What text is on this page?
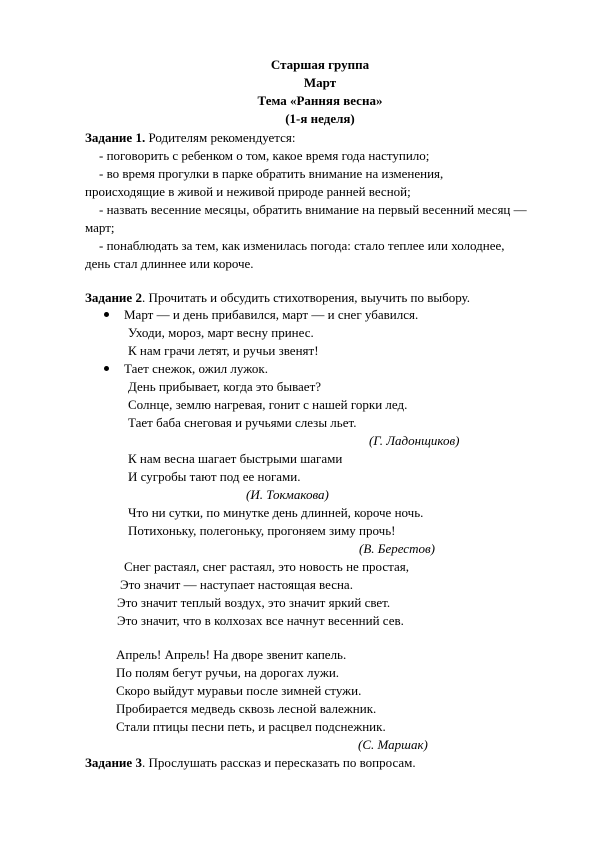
Старшая группа

Март

Тема «Ранняя весна»

(1-я неделя)

Задание 1. Родителям рекомендуется:

- поговорить с ребенком о том, какое время года наступило;

- во время прогулки в парке обратить внимание на изменения,

происходящие в живой и неживой природе ранней весной;

- назвать весенние месяцы, обратить внимание на первый весенний месяц —

март;

- понаблюдать за тем, как изменилась погода: стало теплее или холоднее,

день стал длиннее или короче.

Задание 2. Прочитать и обсудить стихотворения, выучить по выбору.

Март — и день прибавился, март — и снег убавился.

Уходи, мороз, март весну принес.

К нам грачи летят, и ручьи звенят!

Тает снежок, ожил лужок.

День прибывает, когда это бывает?

Солнце, землю нагревая, гонит с нашей горки лед.

Тает баба снеговая и ручьями слезы льет.

(Г. Ладонщиков)

К нам весна шагает быстрыми шагами

И сугробы тают под ее ногами.

(И. Токмакова)

Что ни сутки, по минутке день длинней, короче ночь.

Потихоньку, полегоньку, прогоняем зиму прочь!

(В. Берестов)

Снег растаял, снег растаял, это новость не простая,

Это значит — наступает настоящая весна.

Это значит теплый воздух, это значит яркий свет.

Это значит, что в колхозах все начнут весенний сев.

Апрель! Апрель! На дворе звенит капель.

По полям бегут ручьи, на дорогах лужи.

Скоро выйдут муравьи после зимней стужи.

Пробирается медведь сквозь лесной валежник.

Стали птицы песни петь, и расцвел подснежник.

(С. Маршак)

Задание 3. Прослушать рассказ и пересказать по вопросам.
